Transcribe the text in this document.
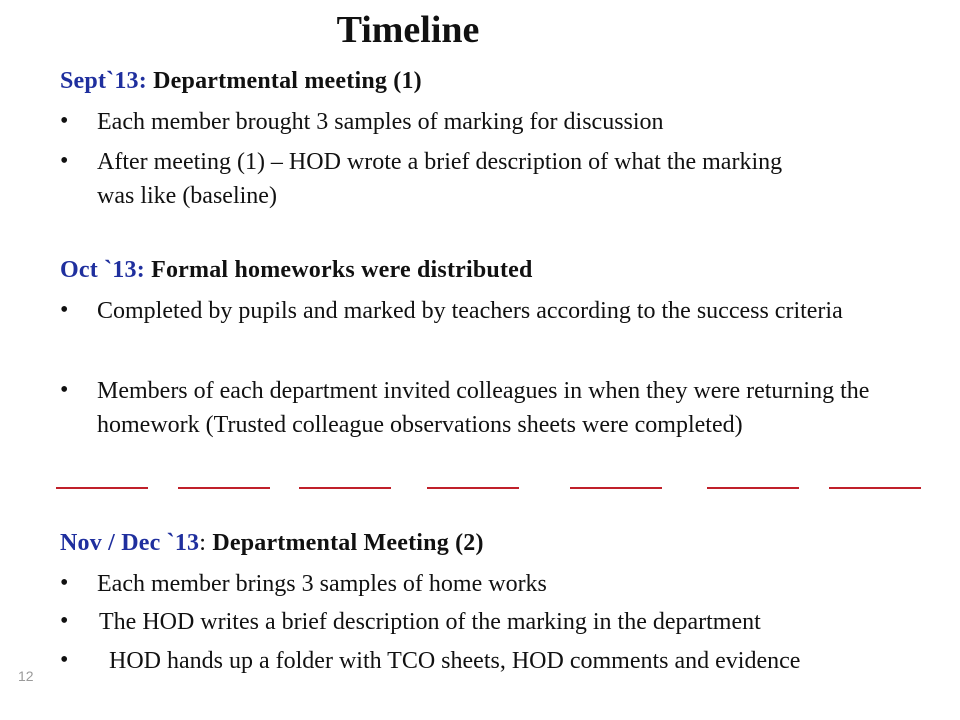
Timeline
Sept`13: Departmental meeting (1)
• Each member brought 3 samples of marking for discussion
• After meeting (1) – HOD wrote a brief description of what the marking was like (baseline)
Oct `13: Formal homeworks were distributed
• Completed by pupils and marked by teachers according to the success criteria
• Members of each department invited colleagues in when they were returning the homework (Trusted colleague observations sheets were completed)
Nov / Dec `13: Departmental Meeting (2)
• Each member brings 3 samples of home works
• The HOD writes a brief description of the marking in the department
•	HOD hands up a folder with TCO sheets, HOD comments and evidence
12
